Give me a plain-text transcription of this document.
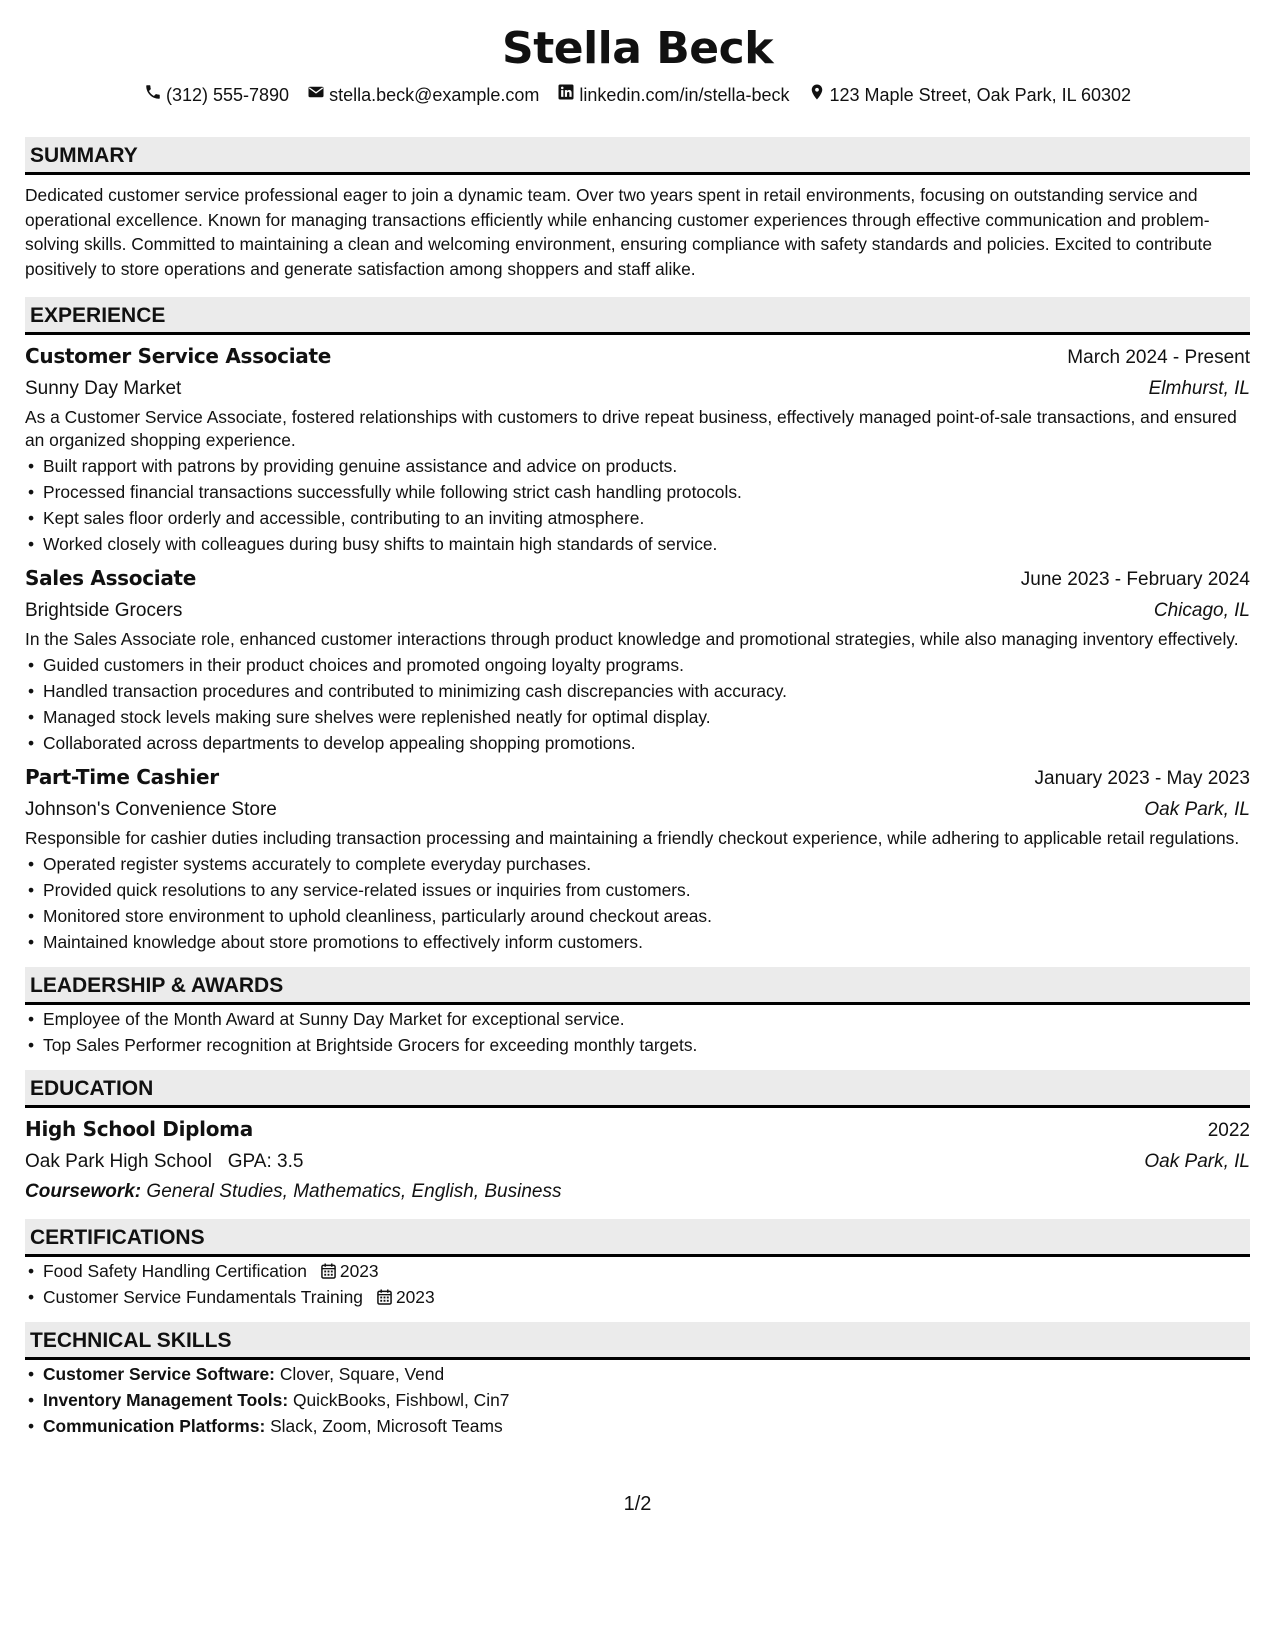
Stella Beck
(312) 555-7890 stella.beck@example.com linkedin.com/in/stella-beck 123 Maple Street, Oak Park, IL 60302
SUMMARY

Dedicated customer service professional eager to join a dynamic team. Over two years spent in retail environments, focusing on outstanding service and operational excellence. Known for managing transactions efficiently while enhancing customer experiences through effective communication and problem-solving skills. Committed to maintaining a clean and welcoming environment, ensuring compliance with safety standards and policies. Excited to contribute positively to store operations and generate satisfaction among shoppers and staff alike.

EXPERIENCE
Customer Service Associate	March 2024 - Present
Sunny Day Market	Elmhurst, IL

As a Customer Service Associate, fostered relationships with customers to drive repeat business, effectively managed point-of-sale transactions, and ensured an organized shopping experience.

• Built rapport with patrons by providing genuine assistance and advice on products.
• Processed financial transactions successfully while following strict cash handling protocols.
• Kept sales floor orderly and accessible, contributing to an inviting atmosphere.
• Worked closely with colleagues during busy shifts to maintain high standards of service.
Sales Associate	June 2023 - February 2024
Brightside Grocers	Chicago, IL

In the Sales Associate role, enhanced customer interactions through product knowledge and promotional strategies, while also managing inventory effectively.

• Guided customers in their product choices and promoted ongoing loyalty programs.
• Handled transaction procedures and contributed to minimizing cash discrepancies with accuracy.
• Managed stock levels making sure shelves were replenished neatly for optimal display.
• Collaborated across departments to develop appealing shopping promotions.
Part-Time Cashier	January 2023 - May 2023
Johnson's Convenience Store	Oak Park, IL

Responsible for cashier duties including transaction processing and maintaining a friendly checkout experience, while adhering to applicable retail regulations.

• Operated register systems accurately to complete everyday purchases.
• Provided quick resolutions to any service-related issues or inquiries from customers.
• Monitored store environment to uphold cleanliness, particularly around checkout areas.
• Maintained knowledge about store promotions to effectively inform customers.
LEADERSHIP & AWARDS
• Employee of the Month Award at Sunny Day Market for exceptional service.
• Top Sales Performer recognition at Brightside Grocers for exceeding monthly targets.
EDUCATION
High School Diploma	2022
Oak Park High School GPA: 3.5	Oak Park, IL
Coursework: General Studies, Mathematics, English, Business
CERTIFICATIONS
• Food Safety Handling Certification 2023
• Customer Service Fundamentals Training 2023
TECHNICAL SKILLS
• Customer Service Software: Clover, Square, Vend
• Inventory Management Tools: QuickBooks, Fishbowl, Cin7
• Communication Platforms: Slack, Zoom, Microsoft Teams
1/2
